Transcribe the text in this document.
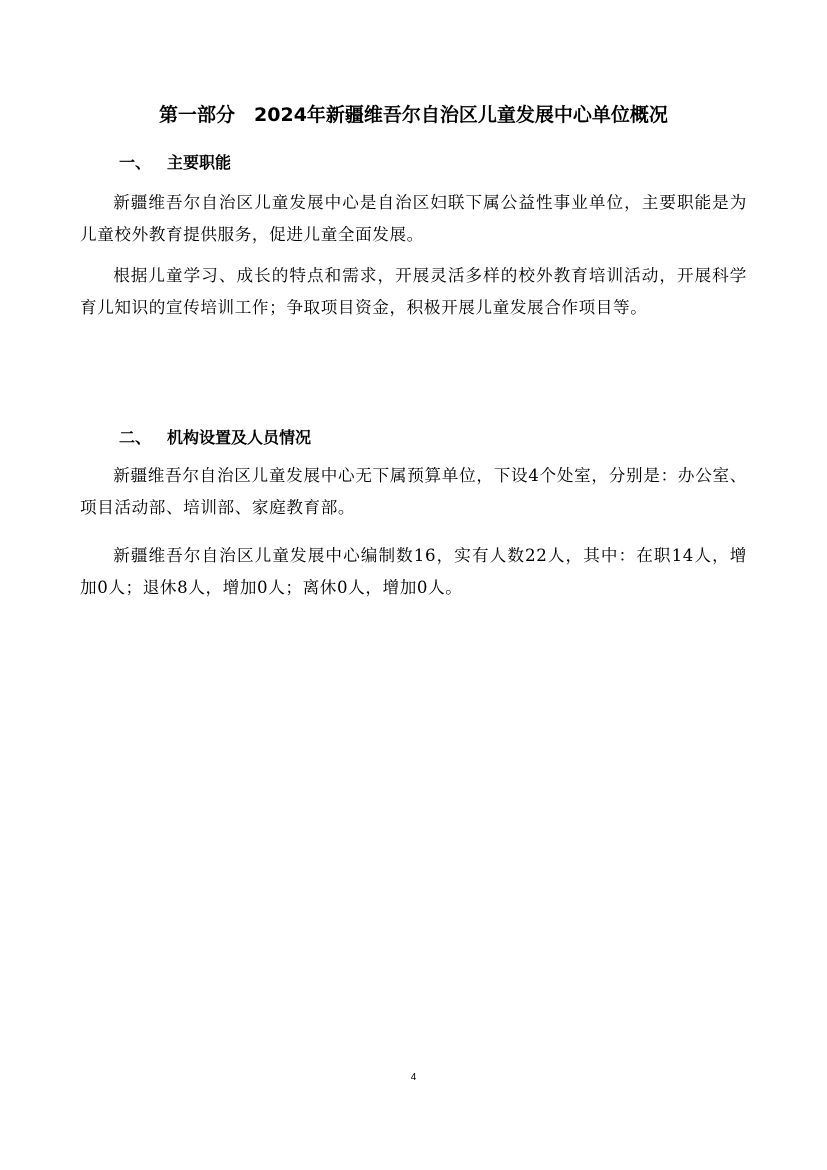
第一部分　2024年新疆维吾尔自治区儿童发展中心单位概况
一、 主要职能
新疆维吾尔自治区儿童发展中心是自治区妇联下属公益性事业单位，主要职能是为儿童校外教育提供服务，促进儿童全面发展。
根据儿童学习、成长的特点和需求，开展灵活多样的校外教育培训活动，开展科学育儿知识的宣传培训工作；争取项目资金，积极开展儿童发展合作项目等。
二、 机构设置及人员情况
新疆维吾尔自治区儿童发展中心无下属预算单位，下设4个处室，分别是：办公室、项目活动部、培训部、家庭教育部。
新疆维吾尔自治区儿童发展中心编制数16，实有人数22人，其中：在职14人，增加0人；退休8人，增加0人；离休0人，增加0人。
4
